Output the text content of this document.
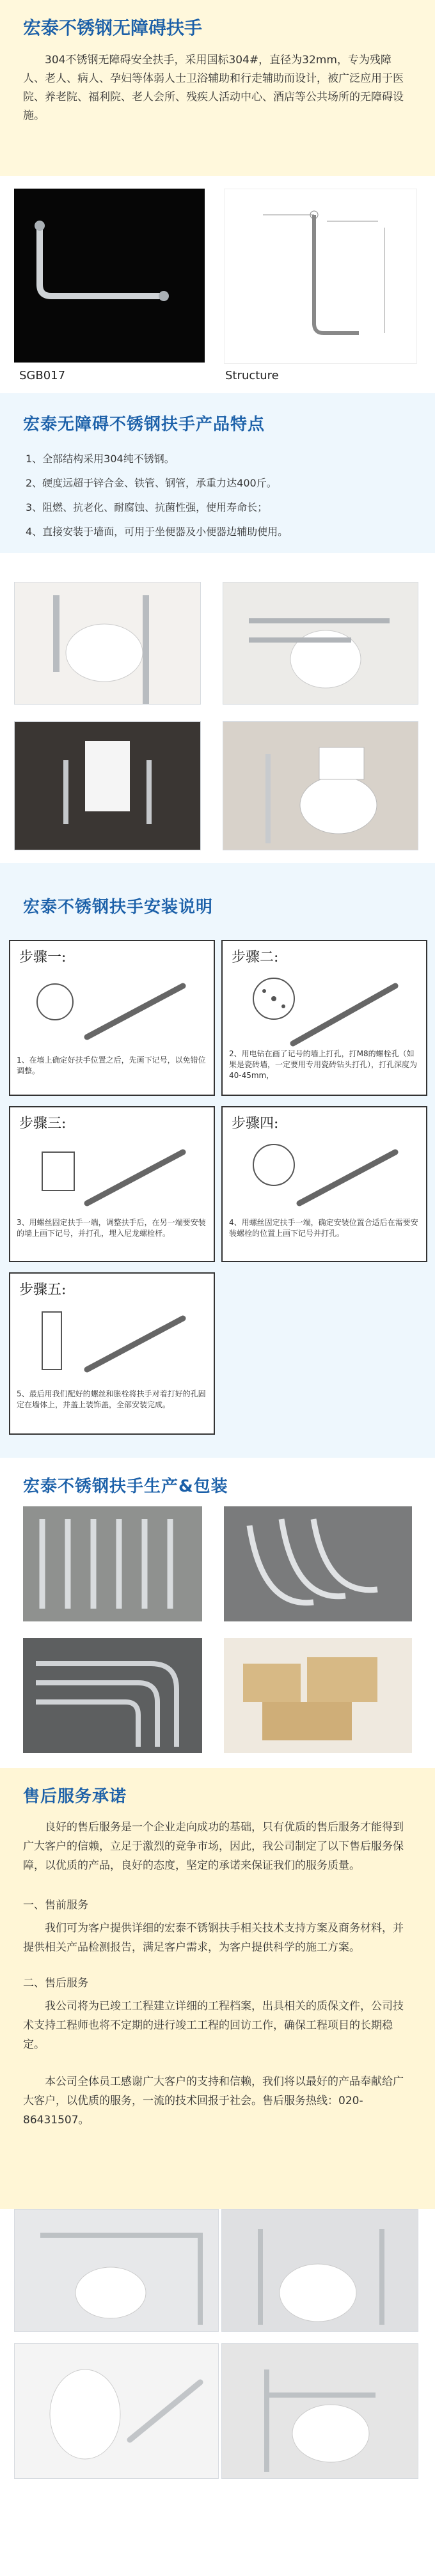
宏泰不锈钢无障碍扶手
304不锈钢无障碍安全扶手，采用国标304#，直径为32mm，专为残障人、老人、病人、孕妇等体弱人士卫浴辅助和行走辅助而设计，被广泛应用于医院、养老院、福利院、老人会所、残疾人活动中心、酒店等公共场所的无障碍设施。
SGB017	Structure
宏泰无障碍不锈钢扶手产品特点
1、全部结构采用304纯不锈钢。
2、硬度远超于锌合金、铁管、钢管，承重力达400斤。
3、阻燃、抗老化、耐腐蚀、抗菌性强，使用寿命长；
4、直接安装于墙面，可用于坐便器及小便器边辅助使用。
宏泰不锈钢扶手安装说明
步骤一:
1、在墙上确定好扶手位置之后，先画下记号，以免错位调整。
步骤二:
2、用电钻在画了记号的墙上打孔，打M8的螺栓孔（如果是瓷砖墙，一定要用专用瓷砖钻头打孔），打孔深度为40-45mm，
步骤三:
3、用螺丝固定扶手一端，调整扶手后，在另一端要安装的墙上画下记号，并打孔，埋入尼龙螺栓杆。
步骤四:
4、用螺丝固定扶手一端，确定安装位置合适后在需要安装螺栓的位置上画下记号并打孔。
步骤五:
5、最后用我们配好的螺丝和胀栓将扶手对着打好的孔固定在墙体上，并盖上装饰盖，全部安装完成。
宏泰不锈钢扶手生产&包装
售后服务承诺
良好的售后服务是一个企业走向成功的基础，只有优质的售后服务才能得到广大客户的信赖，立足于激烈的竞争市场，因此，我公司制定了以下售后服务保障，以优质的产品，良好的态度，坚定的承诺来保证我们的服务质量。
一、售前服务
我们可为客户提供详细的宏泰不锈钢扶手相关技术支持方案及商务材料，并提供相关产品检测报告，满足客户需求，为客户提供科学的施工方案。
二、售后服务
我公司将为已竣工工程建立详细的工程档案，出具相关的质保文件，公司技术支持工程师也将不定期的进行竣工工程的回访工作，确保工程项目的长期稳定。
本公司全体员工感谢广大客户的支持和信赖，我们将以最好的产品奉献给广大客户，以优质的服务，一流的技术回报于社会。售后服务热线：020-86431507。
